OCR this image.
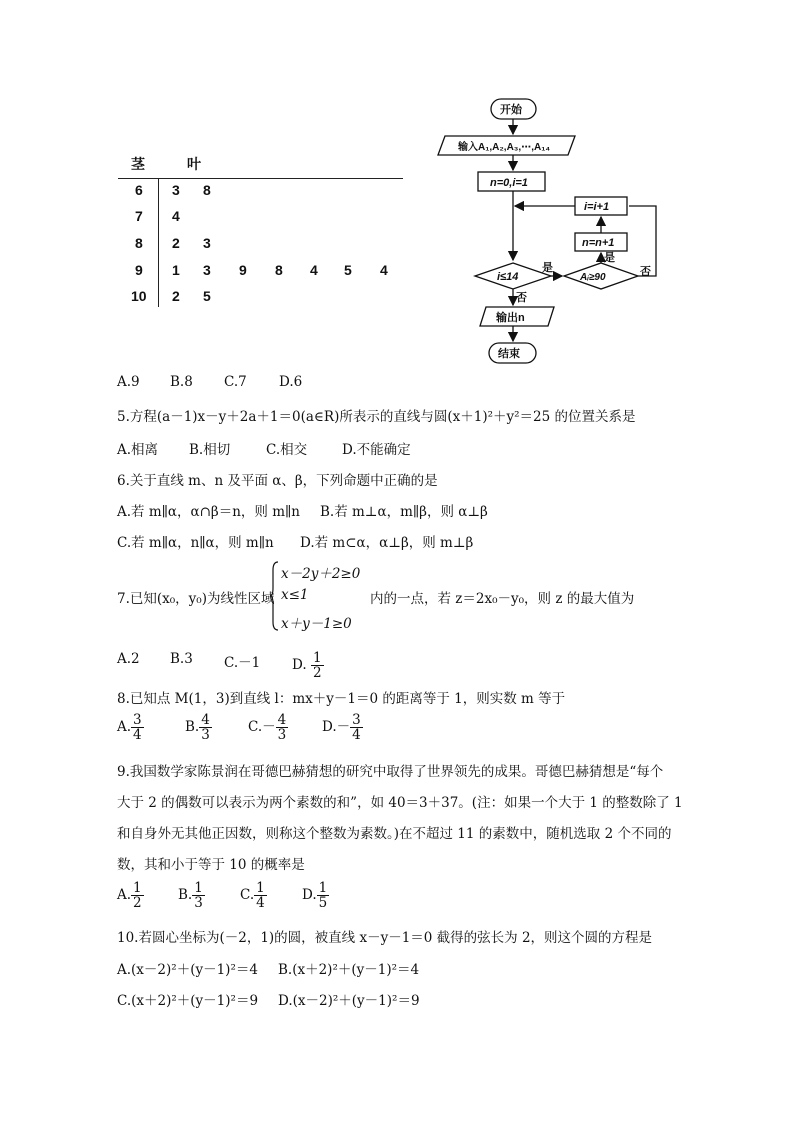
茎	叶
6 3 8
7 4
8 2 3
9 1 3 9 8 4 5 4
10 2 5
开始
输入A₁,A₂,A₃,⋯,A₁₄
n=0,i=1
i=i+1
n=n+1
i≤14	Aᵢ≥90
是
是
否
否
输出n
结束
A.9 B.8 C.7 D.6
5.方程(a－1)x－y＋2a＋1＝0(a∈R)所表示的直线与圆(x＋1)²＋y²＝25 的位置关系是
A.相离 B.相切	C.相交	D.不能确定
6.关于直线 m、n 及平面 α、β，下列命题中正确的是
A.若 m∥α，α∩β＝n，则 m∥n B.若 m⊥α，m∥β，则 α⊥β
C.若 m∥α，n∥α，则 m∥n D.若 m⊂α，α⊥β，则 m⊥β
7.已知(x₀，y₀)为线性区域
x－2y＋2≥0
x≤1
x＋y－1≥0
内的一点，若 z＝2x₀－y₀，则 z 的最大值为
A.2 B.3 C.－1 D. $\frac{1}{2}$
8.已知点 M(1，3)到直线 l：mx＋y－1＝0 的距离等于 1，则实数 m 等于
A. $\frac{3}{4}$	B. $\frac{4}{3}$	$C.- \frac{4}{3}$	$D.- \frac{3}{4}$
9.我国数学家陈景润在哥德巴赫猜想的研究中取得了世界领先的成果。哥德巴赫猜想是“每个
大于 2 的偶数可以表示为两个素数的和”，如 40＝3＋37。(注：如果一个大于 1 的整数除了 1
和自身外无其他正因数，则称这个整数为素数。)在不超过 11 的素数中，随机选取 2 个不同的
数，其和小于等于 10 的概率是
A. $\frac{1}{2}$	B. $\frac{1}{3}$	C. $\frac{1}{4}$	D. $\frac{1}{5}$
10.若圆心坐标为(－2，1)的圆，被直线 x－y－1＝0 截得的弦长为 2，则这个圆的方程是
A.(x－2)²＋(y－1)²＝4 B.(x＋2)²＋(y－1)²＝4
C.(x＋2)²＋(y－1)²＝9 D.(x－2)²＋(y－1)²＝9
